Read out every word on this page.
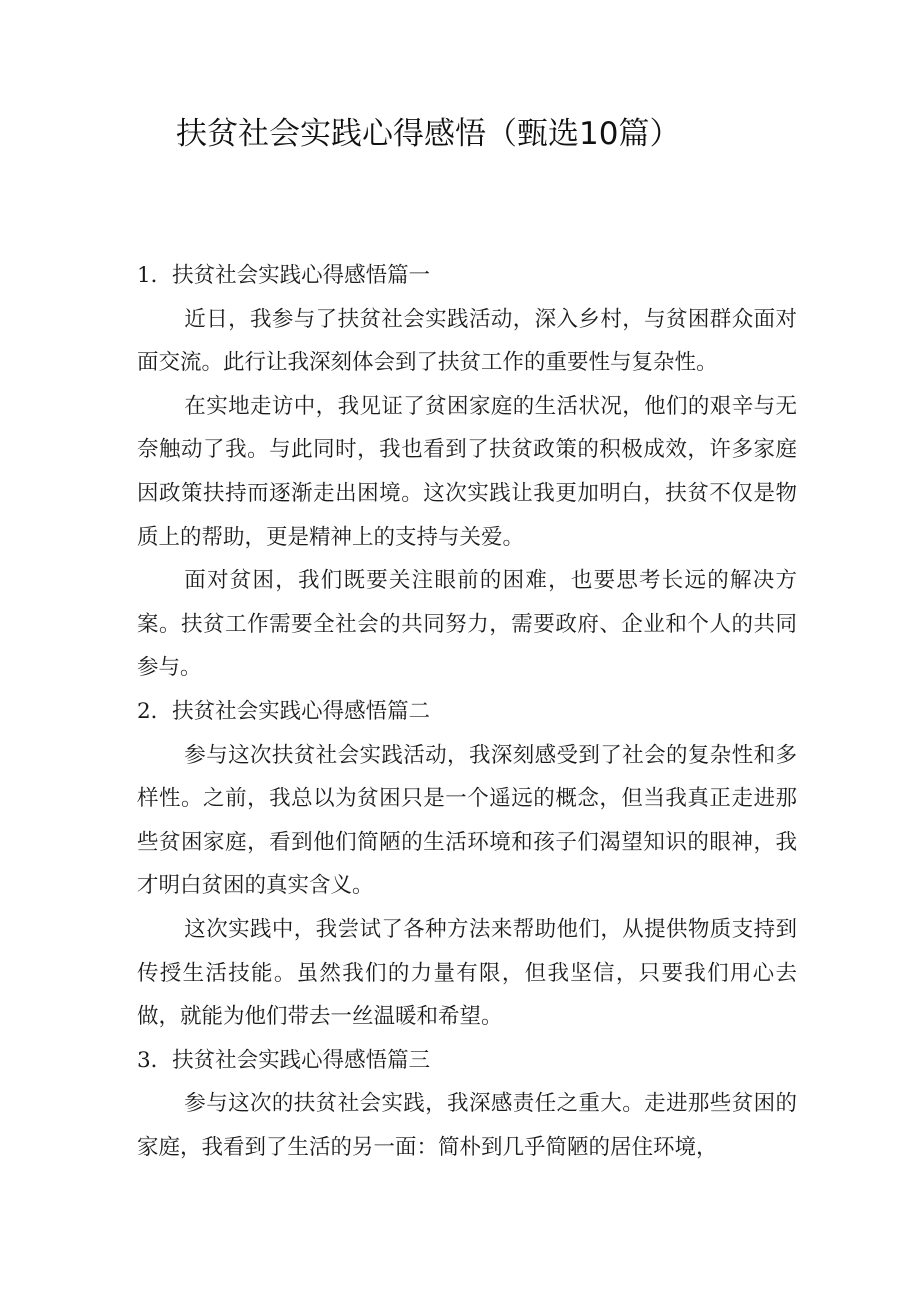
扶贫社会实践心得感悟（甄选10篇）
1．扶贫社会实践心得感悟篇一

近日，我参与了扶贫社会实践活动，深入乡村，与贫困群众面对面交流。此行让我深刻体会到了扶贫工作的重要性与复杂性。

在实地走访中，我见证了贫困家庭的生活状况，他们的艰辛与无奈触动了我。与此同时，我也看到了扶贫政策的积极成效，许多家庭因政策扶持而逐渐走出困境。这次实践让我更加明白，扶贫不仅是物质上的帮助，更是精神上的支持与关爱。

面对贫困，我们既要关注眼前的困难，也要思考长远的解决方案。扶贫工作需要全社会的共同努力，需要政府、企业和个人的共同参与。

2．扶贫社会实践心得感悟篇二

参与这次扶贫社会实践活动，我深刻感受到了社会的复杂性和多样性。之前，我总以为贫困只是一个遥远的概念，但当我真正走进那些贫困家庭，看到他们简陋的生活环境和孩子们渴望知识的眼神，我才明白贫困的真实含义。

这次实践中，我尝试了各种方法来帮助他们，从提供物质支持到传授生活技能。虽然我们的力量有限，但我坚信，只要我们用心去做，就能为他们带去一丝温暖和希望。

3．扶贫社会实践心得感悟篇三

参与这次的扶贫社会实践，我深感责任之重大。走进那些贫困的家庭，我看到了生活的另一面：简朴到几乎简陋的居住环境，
